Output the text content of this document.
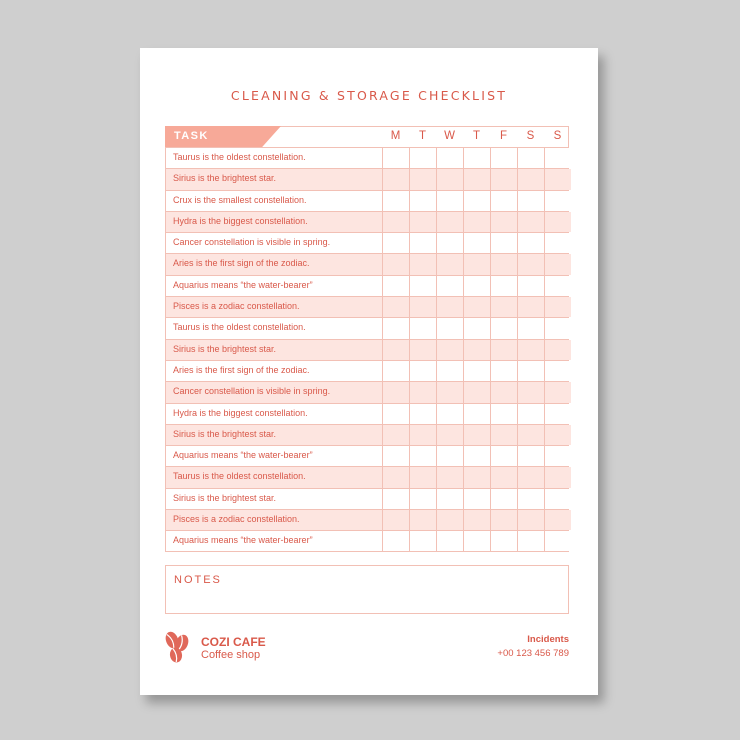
CLEANING & STORAGE CHECKLIST
TASK	M	T	W	T	F	S	S
Taurus is the oldest constellation.
Sirius is the brightest star.
Crux is the smallest constellation.
Hydra is the biggest constellation.
Cancer constellation is visible in spring.
Aries is the first sign of the zodiac.
Aquarius means “the water-bearer”
Pisces is a zodiac constellation.
Taurus is the oldest constellation.
Sirius is the brightest star.
Aries is the first sign of the zodiac.
Cancer constellation is visible in spring.
Hydra is the biggest constellation.
Sirius is the brightest star.
Aquarius means “the water-bearer”
Taurus is the oldest constellation.
Sirius is the brightest star.
Pisces is a zodiac constellation.
Aquarius means “the water-bearer”
NOTES
COZI CAFE
Coffee shop
Incidents
+00 123 456 789
